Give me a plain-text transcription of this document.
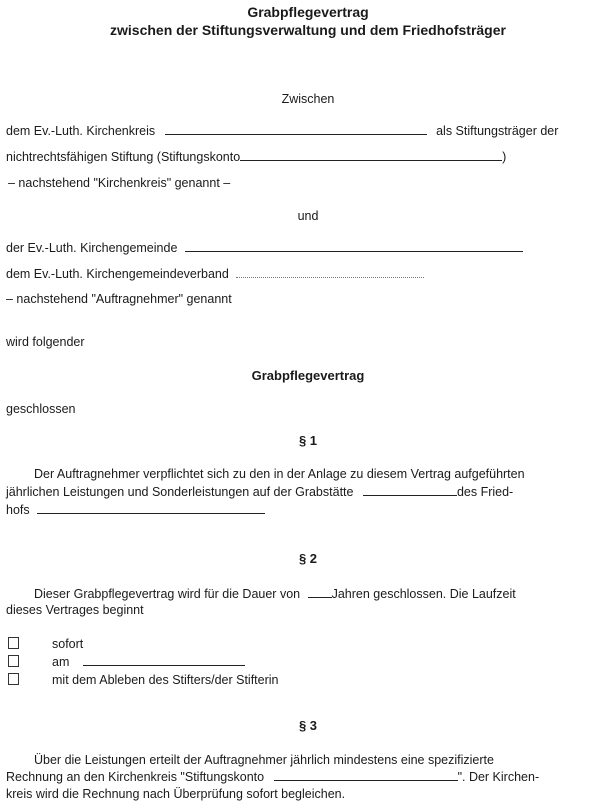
Grabpflegevertrag
zwischen der Stiftungsverwaltung und dem Friedhofsträger
Zwischen
dem Ev.-Luth. Kirchenkreis	als Stiftungsträger der
nichtrechtsfähigen Stiftung (Stiftungskonto	)
– nachstehend "Kirchenkreis" genannt –
und
der Ev.-Luth. Kirchengemeinde
dem Ev.-Luth. Kirchengemeindeverband
– nachstehend "Auftragnehmer" genannt
wird folgender
Grabpflegevertrag
geschlossen
§ 1
Der Auftragnehmer verpflichtet sich zu den in der Anlage zu diesem Vertrag aufgeführten
jährlichen Leistungen und Sonderleistungen auf der Grabstätte	des Fried-
hofs
§ 2
Dieser Grabpflegevertrag wird für die Dauer von	Jahren geschlossen. Die Laufzeit
dieses Vertrages beginnt
sofort
am
mit dem Ableben des Stifters/der Stifterin
§ 3
Über die Leistungen erteilt der Auftragnehmer jährlich mindestens eine spezifizierte
Rechnung an den Kirchenkreis "Stiftungskonto	". Der Kirchen-
kreis wird die Rechnung nach Überprüfung sofort begleichen.
